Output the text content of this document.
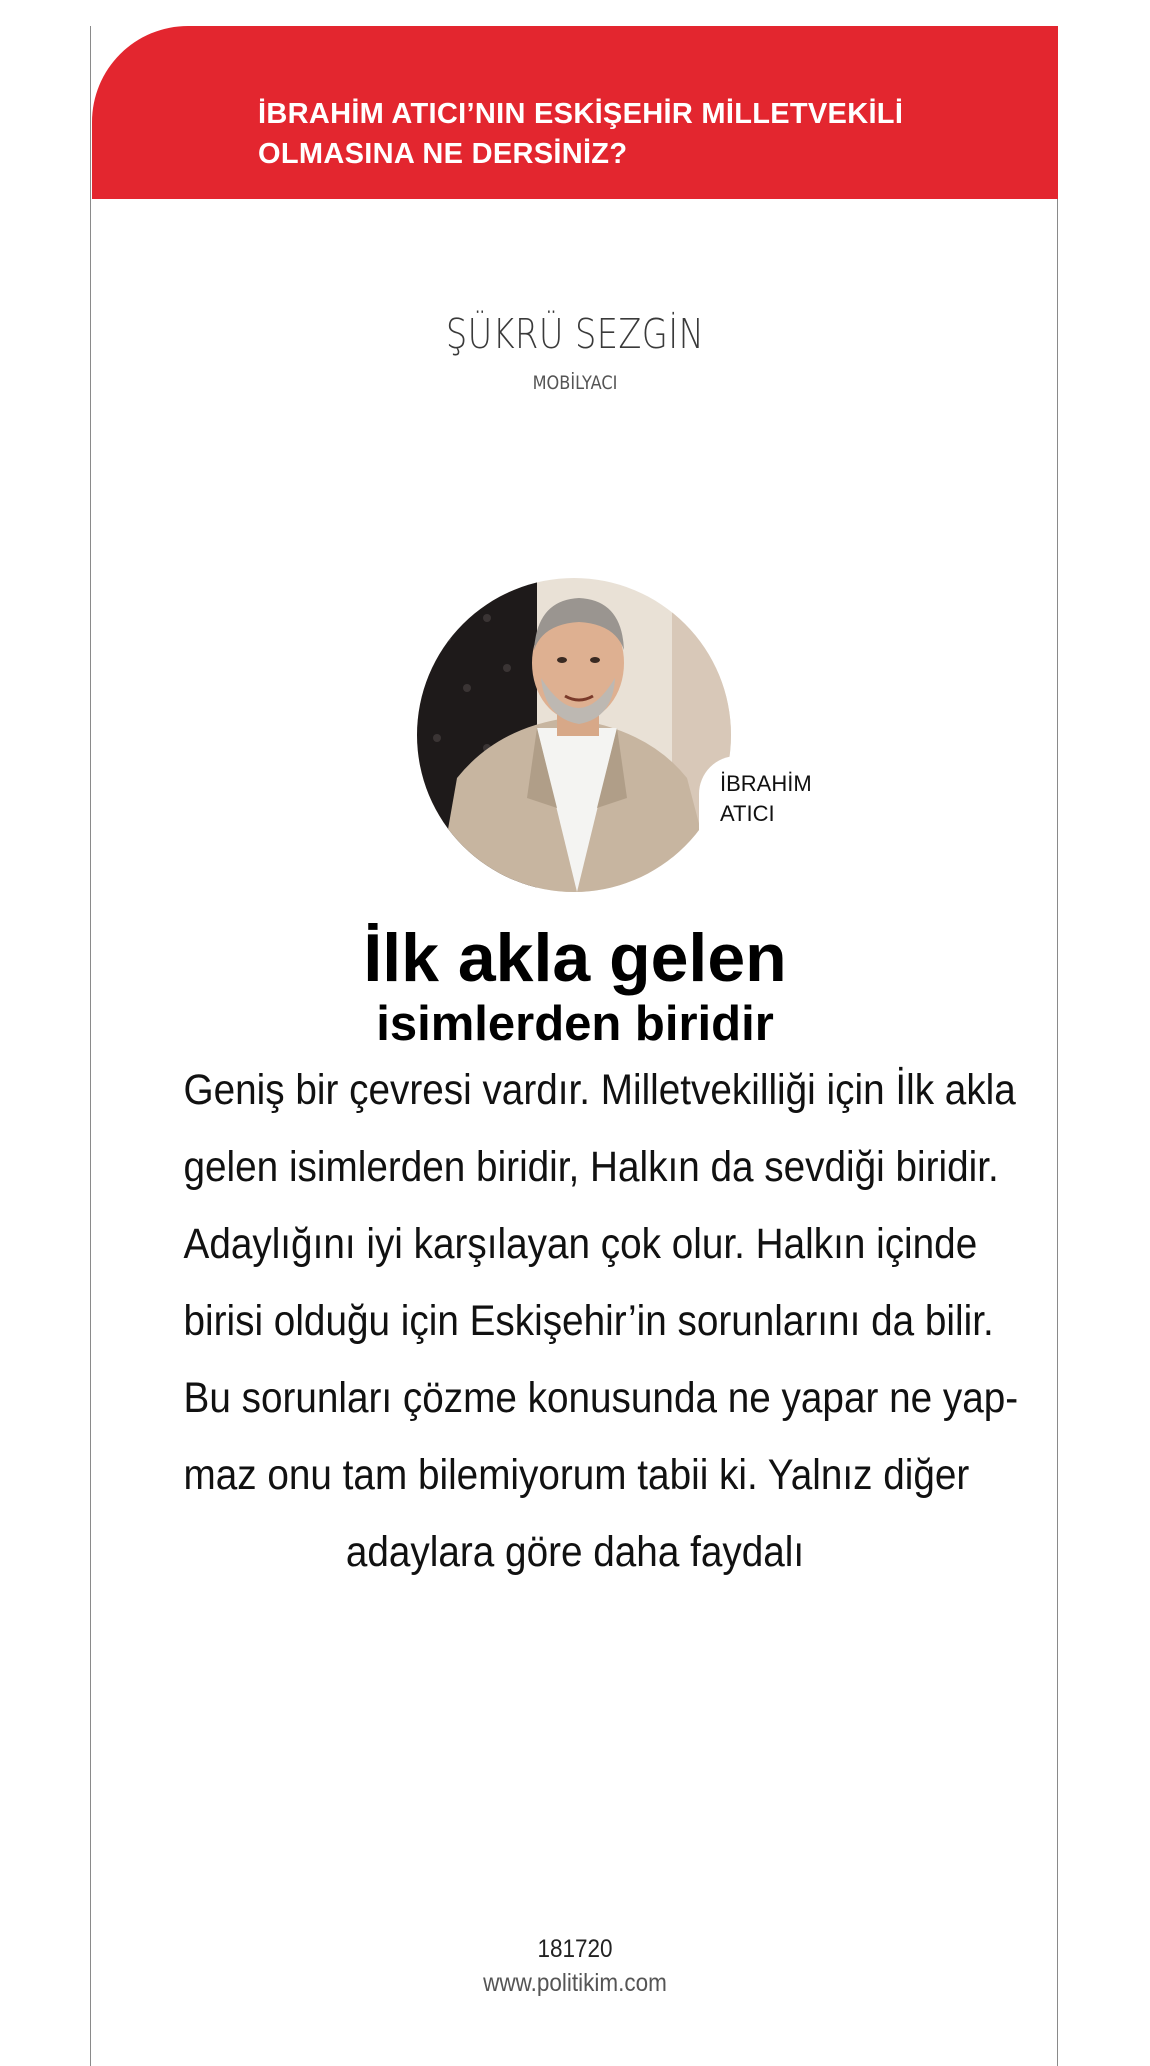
İBRAHİM ATICI’NIN ESKİŞEHİR MİLLETVEKİLİ
OLMASINA NE DERSİNİZ?
ŞÜKRÜ SEZGİN
MOBİLYACI
İBRAHİM
ATICI
İlk akla gelen
isimlerden biridir

Geniş bir çevresi vardır. Milletvekilliği için İlk akla
gelen isimlerden biridir, Halkın da sevdiği biridir.
Adaylığını iyi karşılayan çok olur. Halkın içinde
birisi olduğu için Eskişehir’in sorunlarını da bilir.
Bu sorunları çözme konusunda ne yapar ne yap-
maz onu tam bilemiyorum tabii ki. Yalnız diğer
adaylara göre daha faydalı

181720
www.politikim.com
